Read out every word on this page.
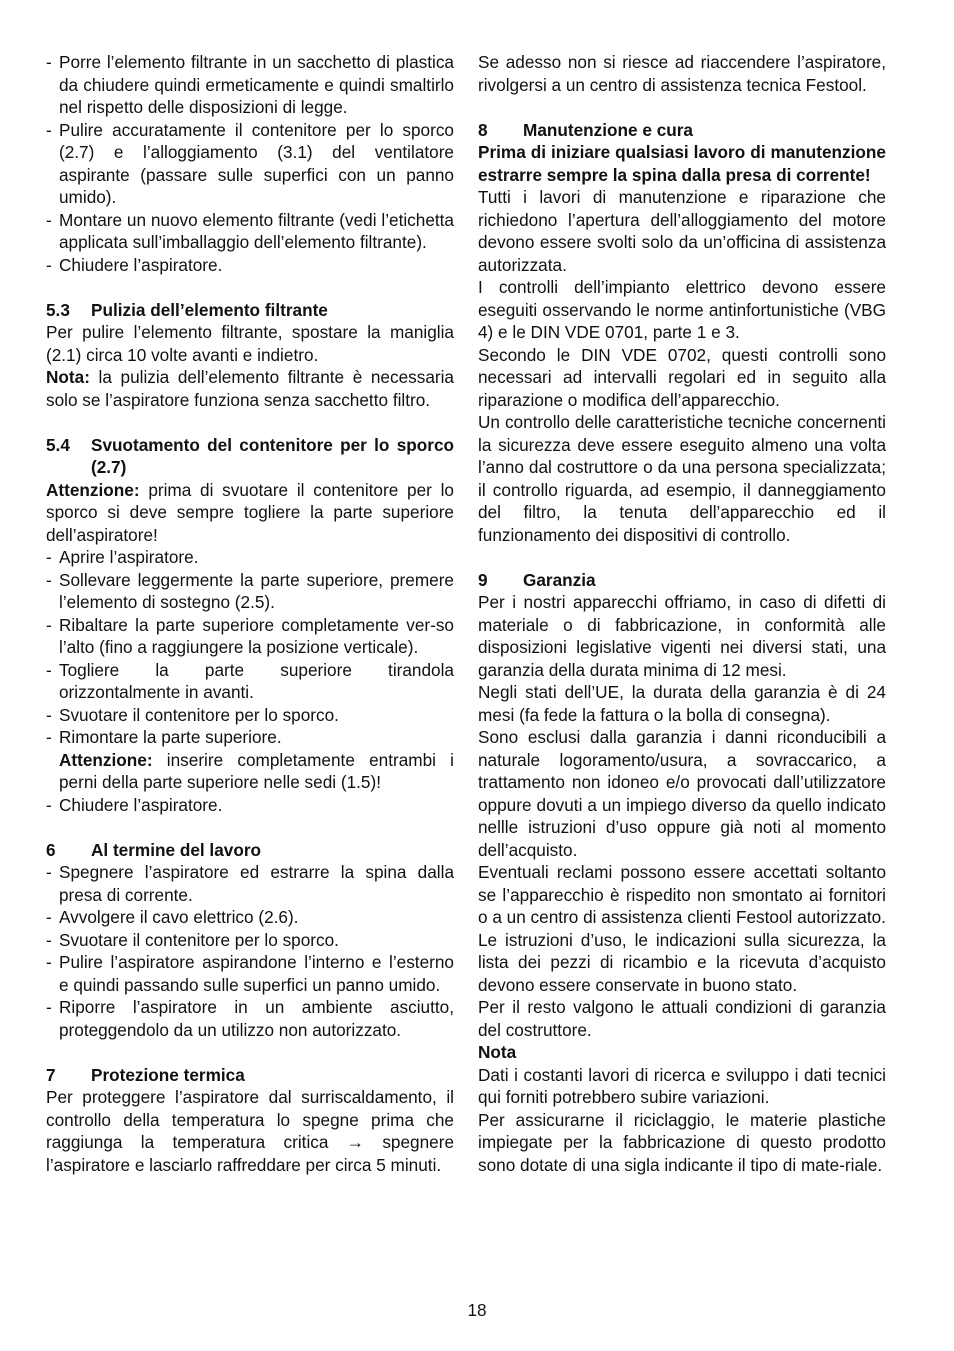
- Porre l’elemento filtrante in un sacchetto di plastica da chiudere quindi ermeticamente e quindi smaltirlo nel rispetto delle disposizioni di legge.
- Pulire accuratamente il contenitore per lo sporco (2.7) e l’alloggiamento (3.1) del ventilatore aspirante (passare sulle superfici con un panno umido).
- Montare un nuovo elemento filtrante (vedi l’etichetta applicata sull’imballaggio dell’elemento filtrante).
- Chiudere l’aspiratore.
5.3	Pulizia dell’elemento filtrante

Per pulire l’elemento filtrante, spostare la maniglia (2.1) circa 10 volte avanti e indietro.

Nota: la pulizia dell’elemento filtrante è necessaria solo se l’aspiratore funziona senza sacchetto filtro.

5.4	Svuotamento del contenitore per lo sporco (2.7)

Attenzione: prima di svuotare il contenitore per lo sporco si deve sempre togliere la parte superiore dell’aspiratore!

- Aprire l’aspiratore.
- Sollevare leggermente la parte superiore, premere l’elemento di sostegno (2.5).
- Ribaltare la parte superiore completamente ver-so l’alto (fino a raggiungere la posizione verticale).
- Togliere la parte superiore tirandola orizzontalmente in avanti.
- Svuotare il contenitore per lo sporco.
- Rimontare la parte superiore.
Attenzione: inserire completamente entrambi i perni della parte superiore nelle sedi (1.5)!
- Chiudere l’aspiratore.
6	Al termine del lavoro
- Spegnere l’aspiratore ed estrarre la spina dalla presa di corrente.
- Avvolgere il cavo elettrico (2.6).
- Svuotare il contenitore per lo sporco.
- Pulire l’aspiratore aspirandone l’interno e l’esterno e quindi passando sulle superfici un panno umido.
- Riporre l’aspiratore in un ambiente asciutto, proteggendolo da un utilizzo non autorizzato.
7	Protezione termica

Per proteggere l’aspiratore dal surriscaldamento, il controllo della temperatura lo spegne prima che raggiunga la temperatura critica → spegnere l’aspiratore e lasciarlo raffreddare per circa 5 minuti.

Se adesso non si riesce ad riaccendere l’aspiratore, rivolgersi a un centro di assistenza tecnica Festool.

8	Manutenzione e cura

Prima di iniziare qualsiasi lavoro di manutenzione estrarre sempre la spina dalla presa di corrente!

Tutti i lavori di manutenzione e riparazione che richiedono l’apertura dell’alloggiamento del motore devono essere svolti solo da un’officina di assistenza autorizzata.

I controlli dell’impianto elettrico devono essere eseguiti osservando le norme antinfortunistiche (VBG 4) e le DIN VDE 0701, parte 1 e 3.

Secondo le DIN VDE 0702, questi controlli sono necessari ad intervalli regolari ed in seguito alla riparazione o modifica dell’apparecchio.

Un controllo delle caratteristiche tecniche concernenti la sicurezza deve essere eseguito almeno una volta l’anno dal costruttore o da una persona specializzata; il controllo riguarda, ad esempio, il danneggiamento del filtro, la tenuta dell’apparecchio ed il funzionamento dei dispositivi di controllo.

9	Garanzia

Per i nostri apparecchi offriamo, in caso di difetti di materiale o di fabbricazione, in conformità alle disposizioni legislative vigenti nei diversi stati, una garanzia della durata minima di 12 mesi.

Negli stati dell’UE, la durata della garanzia è di 24 mesi (fa fede la fattura o la bolla di consegna).

Sono esclusi dalla garanzia i danni riconducibili a naturale logoramento/usura, a sovraccarico, a trattamento non idoneo e/o provocati dall’utilizzatore oppure dovuti a un impiego diverso da quello indicato nellle istruzioni d’uso oppure già noti al momento dell’acquisto.

Eventuali reclami possono essere accettati soltanto se l’apparecchio è rispedito non smontato ai fornitori o a un centro di assistenza clienti Festool autorizzato.

Le istruzioni d’uso, le indicazioni sulla sicurezza, la lista dei pezzi di ricambio e la ricevuta d’acquisto devono essere conservate in buono stato.

Per il resto valgono le attuali condizioni di garanzia del costruttore.

Nota

Dati i costanti lavori di ricerca e sviluppo i dati tecnici qui forniti potrebbero subire variazioni.

Per assicurarne il riciclaggio, le materie plastiche impiegate per la fabbricazione di questo prodotto sono dotate di una sigla indicante il tipo di mate-riale.

18
